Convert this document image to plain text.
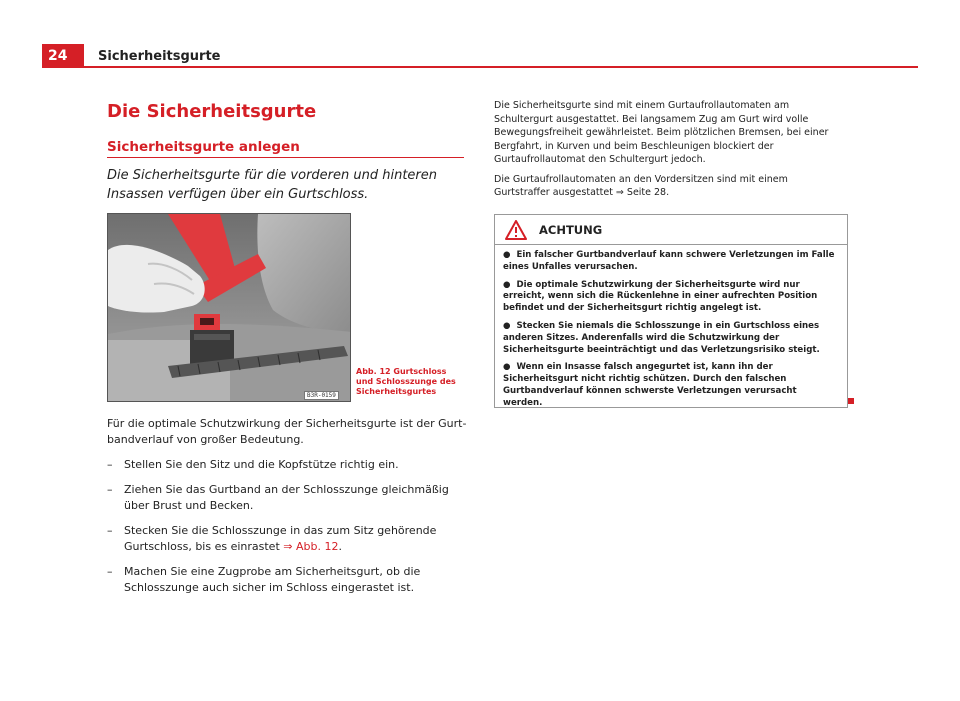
24	Sicherheitsgurte
Die Sicherheitsgurte
Sicherheitsgurte anlegen
Die Sicherheitsgurte für die vorderen und hinteren Insassen verfügen über ein Gurtschloss.
B3R-0159
Abb. 12 Gurtschloss und Schlosszunge des Sicherheitsgurtes

Für die optimale Schutzwirkung der Sicherheitsgurte ist der Gurtbandverlauf von großer Bedeutung.

– Stellen Sie den Sitz und die Kopfstütze richtig ein.
– Ziehen Sie das Gurtband an der Schlosszunge gleichmäßig über Brust und Becken.
– Stecken Sie die Schlosszunge in das zum Sitz gehörende Gurtschloss, bis es einrastet ⇒ Abb. 12.
– Machen Sie eine Zugprobe am Sicherheitsgurt, ob die Schlosszunge auch sicher im Schloss eingerastet ist.

Die Sicherheitsgurte sind mit einem Gurtaufrollautomaten am Schultergurt ausgestattet. Bei langsamem Zug am Gurt wird volle Bewegungsfreiheit gewährleistet. Beim plötzlichen Bremsen, bei einer Bergfahrt, in Kurven und beim Beschleunigen blockiert der Gurtaufrollautomat den Schultergurt jedoch.

Die Gurtaufrollautomaten an den Vordersitzen sind mit einem Gurtstraffer ausgestattet ⇒ Seite 28.

ACHTUNG
● Ein falscher Gurtbandverlauf kann schwere Verletzungen im Falle eines Unfalles verursachen.
● Die optimale Schutzwirkung der Sicherheitsgurte wird nur erreicht, wenn sich die Rückenlehne in einer aufrechten Position befindet und der Sicherheitsgurt richtig angelegt ist.
● Stecken Sie niemals die Schlosszunge in ein Gurtschloss eines anderen Sitzes. Anderenfalls wird die Schutzwirkung der Sicherheitsgurte beeinträchtigt und das Verletzungsrisiko steigt.
● Wenn ein Insasse falsch angegurtet ist, kann ihn der Sicherheitsgurt nicht richtig schützen. Durch den falschen Gurtbandverlauf können schwerste Verletzungen verursacht werden.
